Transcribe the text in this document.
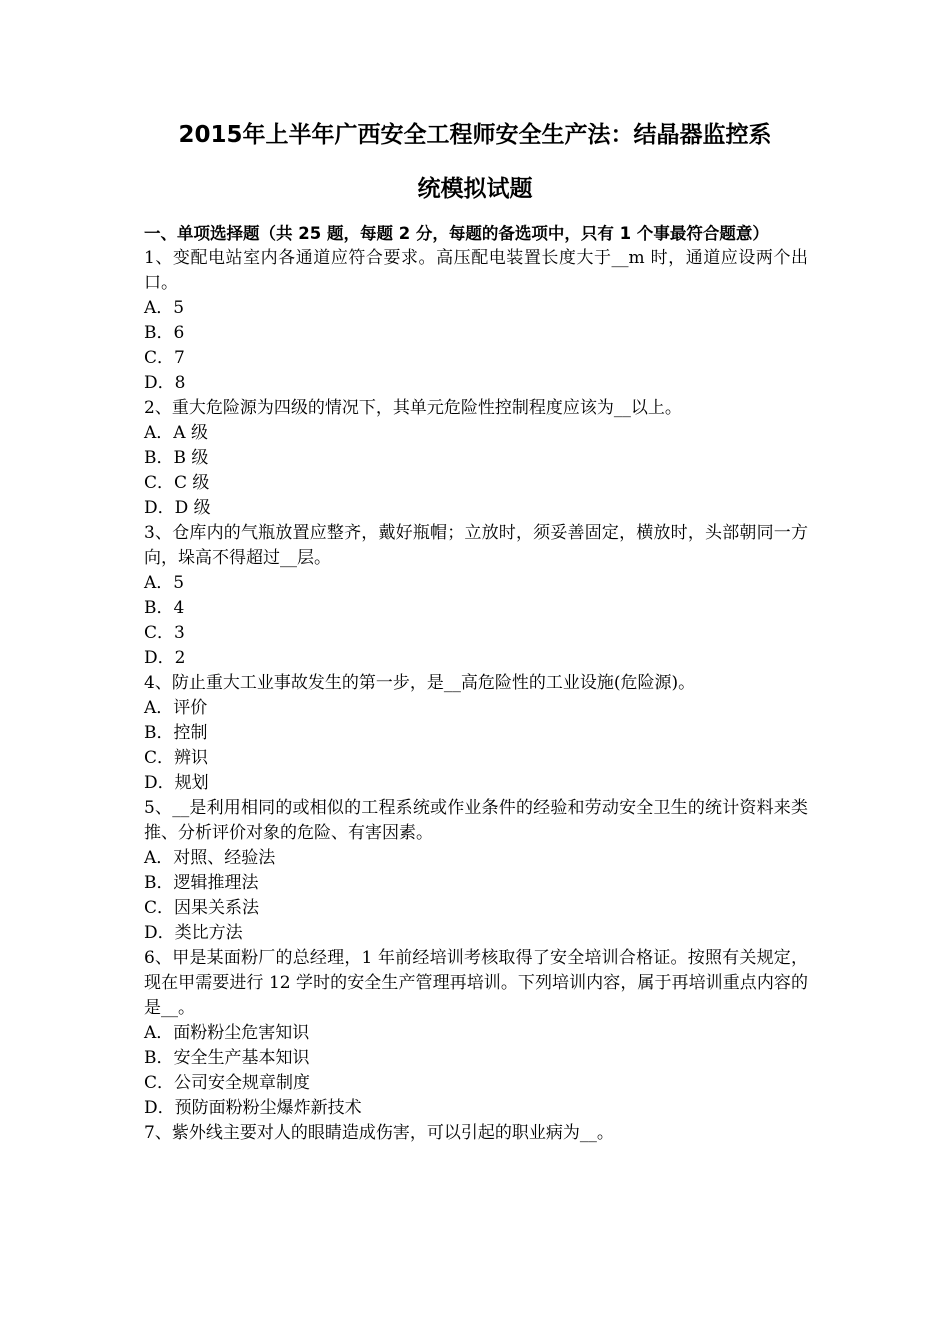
2015年上半年广西安全工程师安全生产法：结晶器监控系
统模拟试题

一、单项选择题（共 25 题，每题 2 分，每题的备选项中，只有 1 个事最符合题意）

1、变配电站室内各通道应符合要求。高压配电装置长度大于__m 时，通道应设两个出口。

A．5

B．6

C．7

D．8

2、重大危险源为四级的情况下，其单元危险性控制程度应该为__以上。

A．A 级

B．B 级

C．C 级

D．D 级

3、仓库内的气瓶放置应整齐，戴好瓶帽；立放时，须妥善固定，横放时，头部朝同一方向，垛高不得超过__层。

A．5

B．4

C．3

D．2

4、防止重大工业事故发生的第一步，是__高危险性的工业设施(危险源)。

A．评价

B．控制

C．辨识

D．规划

5、__是利用相同的或相似的工程系统或作业条件的经验和劳动安全卫生的统计资料来类推、分析评价对象的危险、有害因素。

A．对照、经验法

B．逻辑推理法

C．因果关系法

D．类比方法

6、甲是某面粉厂的总经理，1 年前经培训考核取得了安全培训合格证。按照有关规定，现在甲需要进行 12 学时的安全生产管理再培训。下列培训内容，属于再培训重点内容的是__。

A．面粉粉尘危害知识

B．安全生产基本知识

C．公司安全规章制度

D．预防面粉粉尘爆炸新技术

7、紫外线主要对人的眼睛造成伤害，可以引起的职业病为__。
